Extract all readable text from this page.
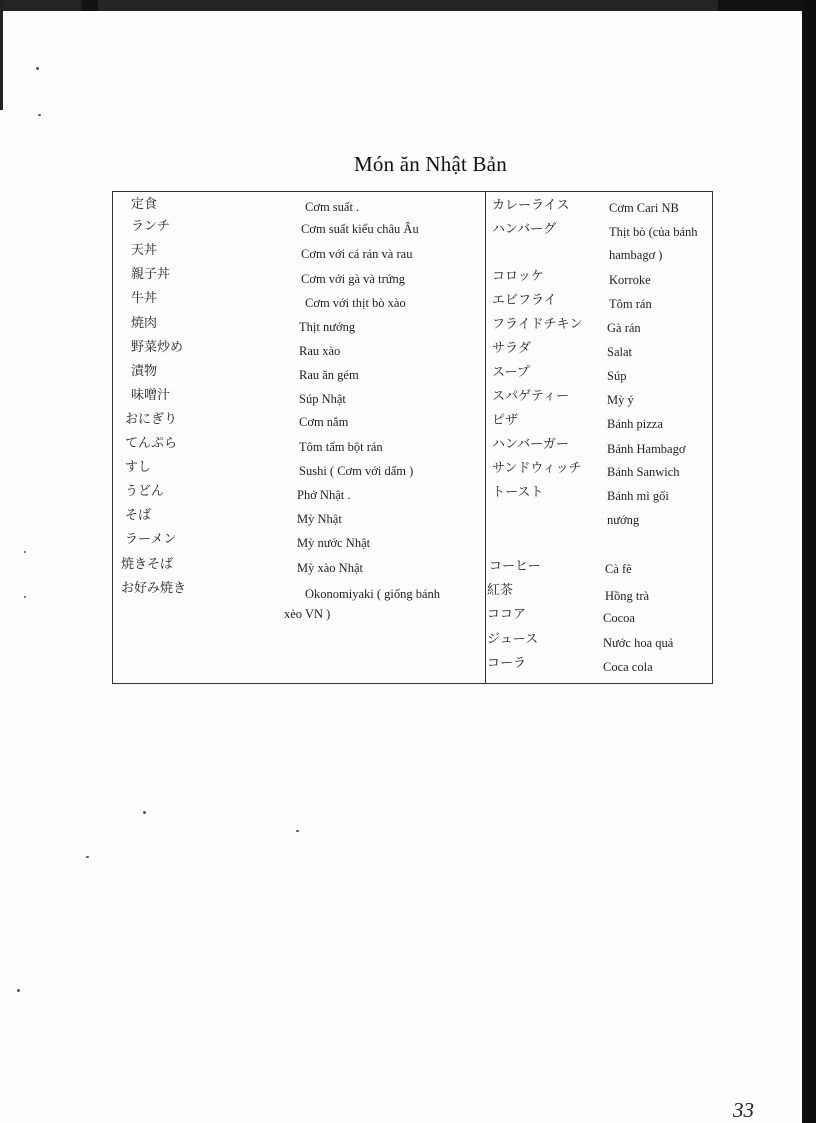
Món ăn Nhật Bản
定食	Cơm suất .
ランチ	Cơm suất kiểu châu Âu
天丼	Cơm với cá rán và rau
親子丼	Cơm với gà và trứng
牛丼	Cơm với thịt bò xào
焼肉	Thịt nướng
野菜炒め	Rau xào
漬物	Rau ăn gém
味噌汁	Súp Nhật
おにぎり	Cơm nắm
てんぷら	Tôm tẩm bột rán
すし	Sushi ( Cơm với dấm )
うどん	Phở Nhật .
そば	Mỳ Nhật
ラーメン	Mỳ nước Nhật
焼きそば	Mỳ xào Nhật
お好み焼き	Okonomiyaki ( giống bánh
xèo VN )
カレーライス	Cơm Cari NB
ハンバーグ	Thịt bò (của bánh
hambagơ )
コロッケ	Korroke
エビフライ	Tôm rán
フライドチキン Gà rán
サラダ	Salat
スープ	Súp
スパゲティー	Mỳ ý
ピザ	Bánh pizza
ハンバーガー	Bánh Hambagơ
サンドウィッチ Bánh Sanwich
トースト	Bánh mì gối
nướng
コーヒー	Cà fê
紅茶	Hồng trà
ココア	Cocoa
ジュース	Nước hoa quả
コーラ	Coca cola
33
